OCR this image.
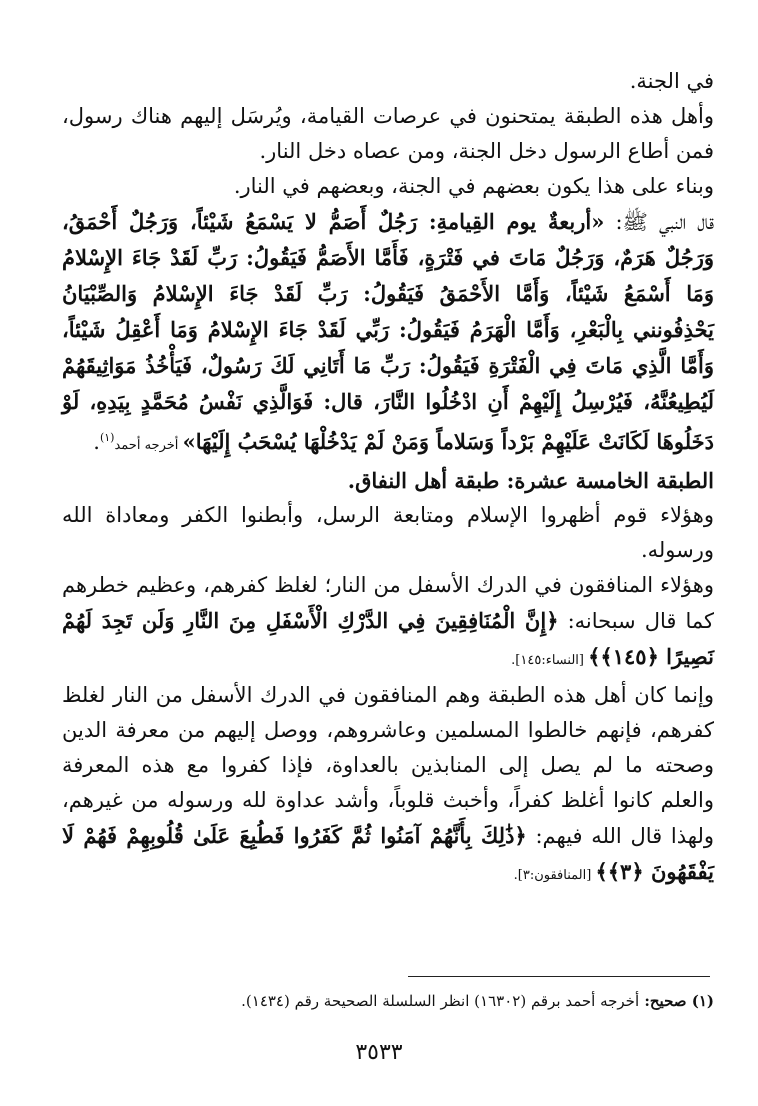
في الجنة.

وأهل هذه الطبقة يمتحنون في عرصات القيامة، ويُرسَل إليهم هناك رسول، فمن أطاع الرسول دخل الجنة، ومن عصاه دخل النار.

وبناء على هذا يكون بعضهم في الجنة، وبعضهم في النار.

قال النبي ﷺ: «أربعةٌ يوم القِيامةِ: رَجُلٌ أَصَمُّ لا يَسْمَعُ شَيْئاً، وَرَجُلٌ أَحْمَقُ، وَرَجُلٌ هَرَمٌ، وَرَجُلٌ مَاتَ في فَتْرَةٍ، فَأَمَّا الأَصَمُّ فَيَقُولُ: رَبِّ لَقَدْ جَاءَ الإِسْلامُ وَمَا أَسْمَعُ شَيْئاً، وَأَمَّا الأَحْمَقُ فَيَقُولُ: رَبِّ لَقَدْ جَاءَ الإِسْلامُ وَالصِّبْيَانُ يَحْذِفُونني بِالْبَعْرِ، وَأَمَّا الْهَرَمُ فَيَقُولُ: رَبِّي لَقَدْ جَاءَ الإِسْلامُ وَمَا أَعْقِلُ شَيْئاً، وَأَمَّا الَّذِي مَاتَ فِي الْفَتْرَةِ فَيَقُولُ: رَبِّ مَا أَتَانِي لَكَ رَسُولٌ، فَيَأْخُذُ مَوَاثِيقَهُمْ لَيُطِيعُنَّهُ، فَيُرْسِلُ إِلَيْهِمْ أَنِ ادْخُلُوا النَّارَ، قال: فَوَالَّذِي نَفْسُ مُحَمَّدٍ بِيَدِهِ، لَوْ دَخَلُوهَا لَكَانَتْ عَلَيْهِمْ بَرْداً وَسَلاماً وَمَنْ لَمْ يَدْخُلْهَا يُسْحَبُ إِلَيْهَا» أخرجه أحمد$^{(١)}$.

الطبقة الخامسة عشرة: طبقة أهل النفاق.

وهؤلاء قوم أظهروا الإسلام ومتابعة الرسل، وأبطنوا الكفر ومعاداة الله ورسوله.

وهؤلاء المنافقون في الدرك الأسفل من النار؛ لغلظ كفرهم، وعظيم خطرهم كما قال سبحانه: ﴿إِنَّ الْمُنَافِقِينَ فِي الدَّرْكِ الْأَسْفَلِ مِنَ النَّارِ وَلَن تَجِدَ لَهُمْ نَصِيرًا ﴿١٤٥﴾﴾ [النساء:١٤٥].

وإنما كان أهل هذه الطبقة وهم المنافقون في الدرك الأسفل من النار لغلظ كفرهم، فإنهم خالطوا المسلمين وعاشروهم، ووصل إليهم من معرفة الدين وصحته ما لم يصل إلى المنابذين بالعداوة، فإذا كفروا مع هذه المعرفة والعلم كانوا أغلظ كفراً، وأخبث قلوباً، وأشد عداوة لله ورسوله من غيرهم، ولهذا قال الله فيهم: ﴿ذَٰلِكَ بِأَنَّهُمْ آمَنُوا ثُمَّ كَفَرُوا فَطُبِعَ عَلَىٰ قُلُوبِهِمْ فَهُمْ لَا يَفْقَهُونَ ﴿٣﴾﴾ [المنافقون:٣].

(١) صحيح: أخرجه أحمد برقم (١٦٣٠٢) انظر السلسلة الصحيحة رقم (١٤٣٤).
٣٥٣٣
